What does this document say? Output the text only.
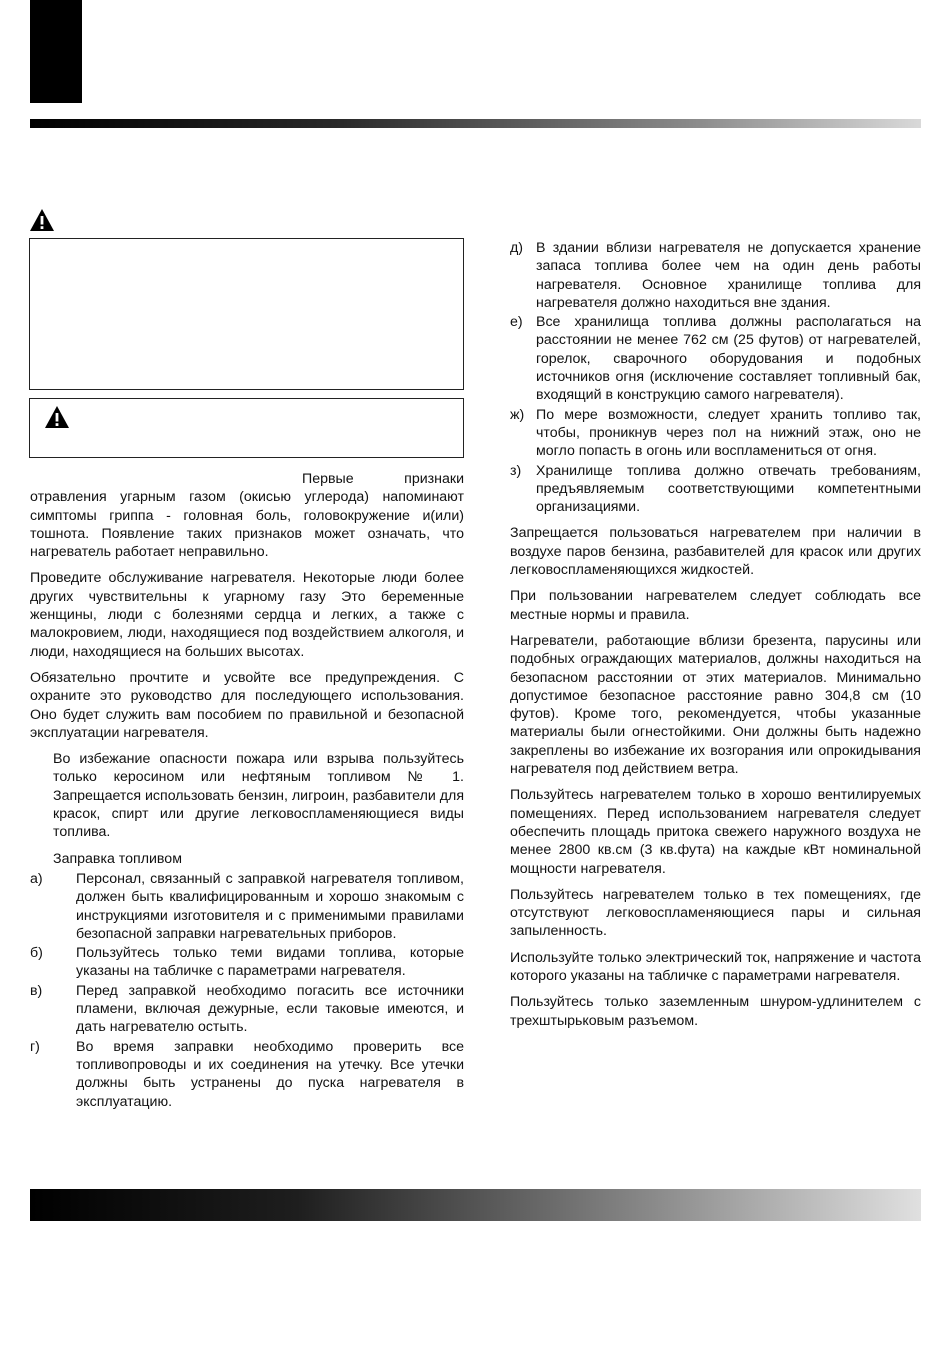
Первые признаки отравления угарным газом (окисью углерода) напоминают симптомы гриппа - головная боль, головокружение и(или) тошнота. Появление таких признаков может означать, что нагреватель работает неправильно.

Проведите обслуживание нагревателя. Некоторые люди более других чувствительны к угарному газу Это беременные женщины, люди с болезнями сердца и легких, а также с малокровием, люди, находящиеся под воздействием алкоголя, и люди, находящиеся на больших высотах.

Обязательно прочтите и усвойте все предупреждения. С охраните это руководство для последующего использования. Оно будет служить вам пособием по правильной и безопасной эксплуатации нагревателя.

Во избежание опасности пожара или взрыва пользуйтесь только керосином или нефтяным топливом № 1. Запрещается использовать бензин, лигроин, разбавители для красок, спирт или другие легковоспламеняющиеся виды топлива.

Заправка топливом
а)	Персонал, связанный с заправкой нагревателя топливом, должен быть квалифицированным и хорошо знакомым с инструкциями изготовителя и с применимыми правилами безопасной заправки нагревательных приборов.
б)	Пользуйтесь только теми видами топлива, которые указаны на табличке с параметрами нагревателя.
в)	Перед заправкой необходимо погасить все источники пламени, включая дежурные, если таковые имеются, и дать нагревателю остыть.
г)	Во время заправки необходимо проверить все топливопроводы и их соединения на утечку. Все утечки должны быть устранены до пуска нагревателя в эксплуатацию.
д) В здании вблизи нагревателя не допускается хранение запаса топлива более чем на один день работы нагревателя. Основное хранилище топлива для нагревателя должно находиться вне здания.
е) Все хранилища топлива должны располагаться на расстоянии не менее 762 см (25 футов) от нагревателей, горелок, сварочного оборудования и подобных источников огня (исключение составляет топливный бак, входящий в конструкцию самого нагревателя).
ж) По мере возможности, следует хранить топливо так, чтобы, проникнув через пол на нижний этаж, оно не могло попасть в огонь или воспламениться от огня.
з) Хранилище топлива должно отвечать требованиям, предъявляемым соответствующими компетентными организациями.

Запрещается пользоваться нагревателем при наличии в воздухе паров бензина, разбавителей для красок или других легковоспламеняющихся жидкостей.

При пользовании нагревателем следует соблюдать все местные нормы и правила.

Нагреватели, работающие вблизи брезента, парусины или подобных ограждающих материалов, должны находиться на безопасном расстоянии от этих материалов. Минимально допустимое безопасное расстояние равно 304,8 см (10 футов). Кроме того, рекомендуется, чтобы указанные материалы были огнестойкими. Они должны быть надежно закреплены во избежание их возгорания или опрокидывания нагревателя под действием ветра.

Пользуйтесь нагревателем только в хорошо вентилируемых помещениях. Перед использованием нагревателя следует обеспечить площадь притока свежего наружного воздуха не менее 2800 кв.см (3 кв.фута) на каждые кВт номинальной мощности нагревателя.

Пользуйтесь нагревателем только в тех помещениях, где отсутствуют легковоспламеняющиеся пары и сильная запыленность.

Используйте только электрический ток, напряжение и частота которого указаны на табличке с параметрами нагревателя.

Пользуйтесь только заземленным шнуром-удлинителем с трехштырьковым разъемом.
